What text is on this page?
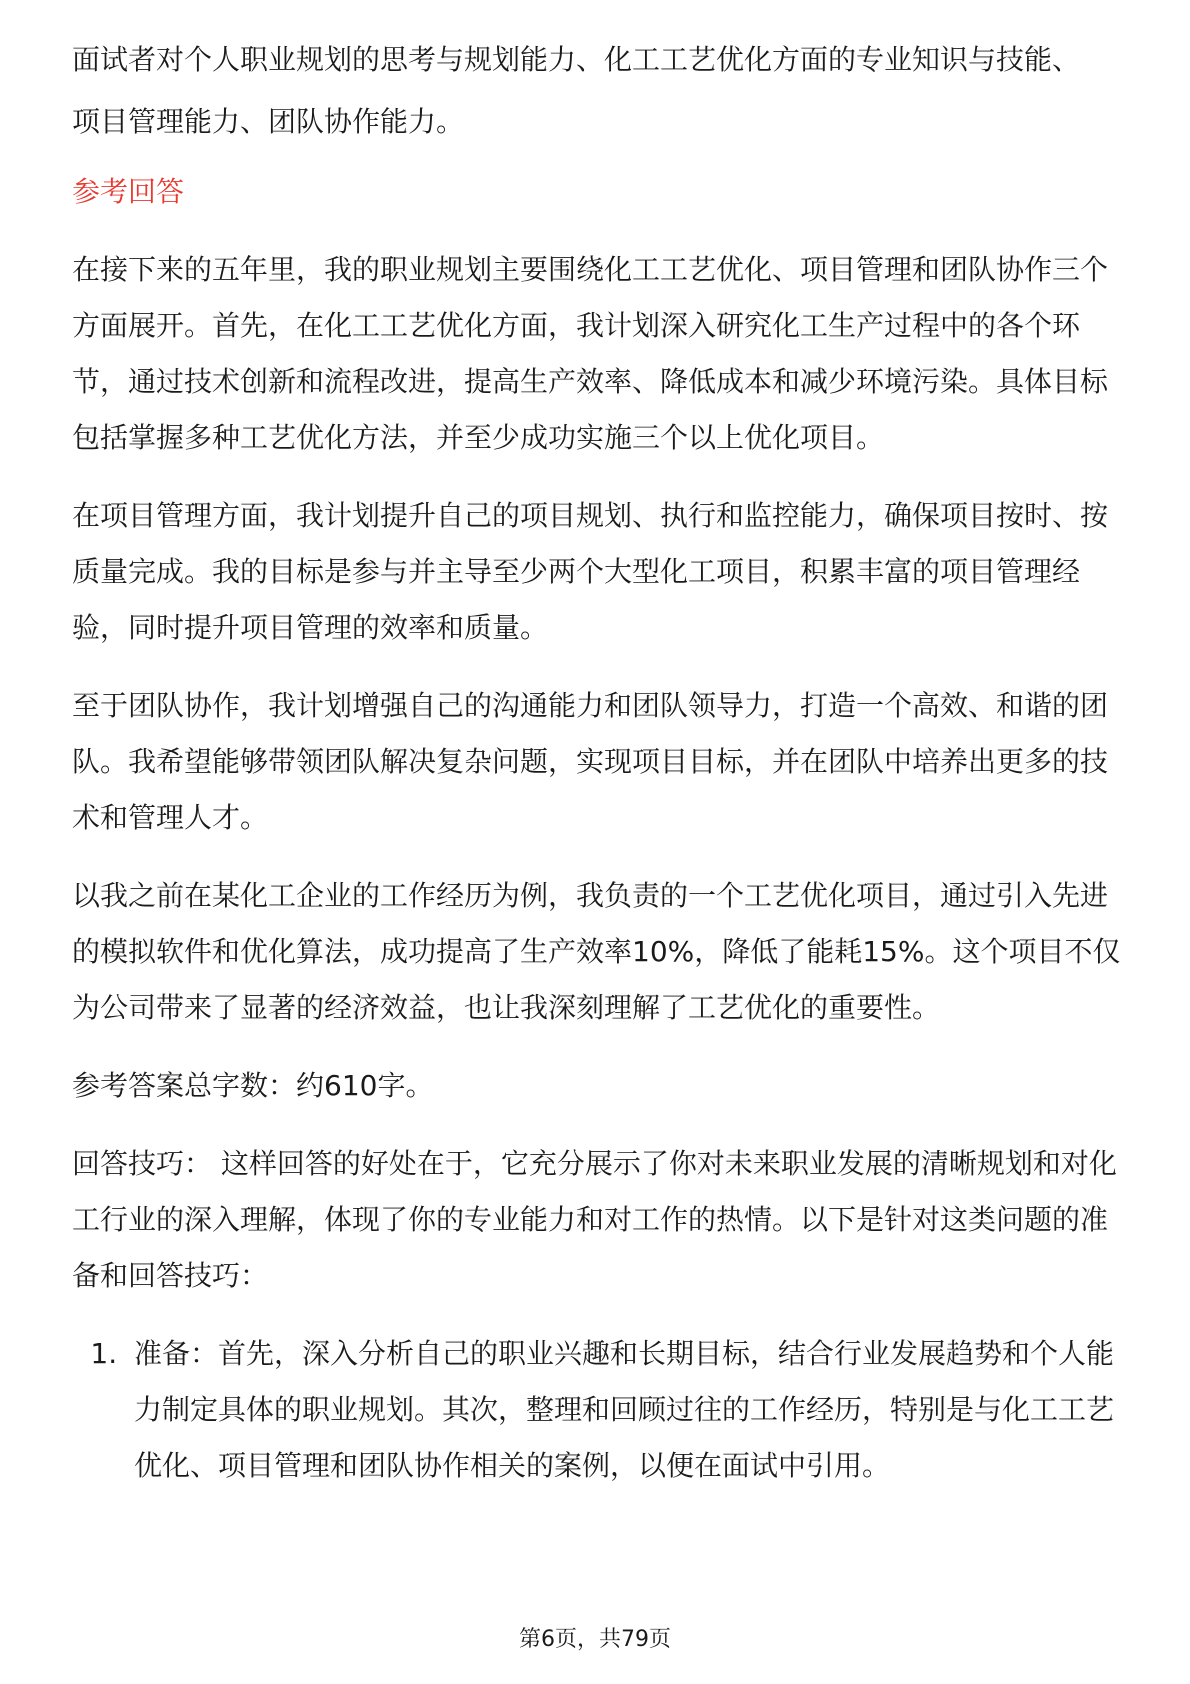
面试者对个人职业规划的思考与规划能力、化工工艺优化方面的专业知识与技能、

项目管理能力、团队协作能力。

参考回答

在接下来的五年里，我的职业规划主要围绕化工工艺优化、项目管理和团队协作三个方面展开。首先，在化工工艺优化方面，我计划深入研究化工生产过程中的各个环节，通过技术创新和流程改进，提高生产效率、降低成本和减少环境污染。具体目标包括掌握多种工艺优化方法，并至少成功实施三个以上优化项目。

在项目管理方面，我计划提升自己的项目规划、执行和监控能力，确保项目按时、按质量完成。我的目标是参与并主导至少两个大型化工项目，积累丰富的项目管理经验，同时提升项目管理的效率和质量。

至于团队协作，我计划增强自己的沟通能力和团队领导力，打造一个高效、和谐的团队。我希望能够带领团队解决复杂问题，实现项目目标，并在团队中培养出更多的技术和管理人才。

以我之前在某化工企业的工作经历为例，我负责的一个工艺优化项目，通过引入先进的模拟软件和优化算法，成功提高了生产效率10%，降低了能耗15%。这个项目不仅为公司带来了显著的经济效益，也让我深刻理解了工艺优化的重要性。

参考答案总字数：约610字。

回答技巧： 这样回答的好处在于，它充分展示了你对未来职业发展的清晰规划和对化工行业的深入理解，体现了你的专业能力和对工作的热情。以下是针对这类问题的准备和回答技巧：

1. 准备：首先，深入分析自己的职业兴趣和长期目标，结合行业发展趋势和个人能力制定具体的职业规划。其次，整理和回顾过往的工作经历，特别是与化工工艺优化、项目管理和团队协作相关的案例，以便在面试中引用。
第6页，共79页
